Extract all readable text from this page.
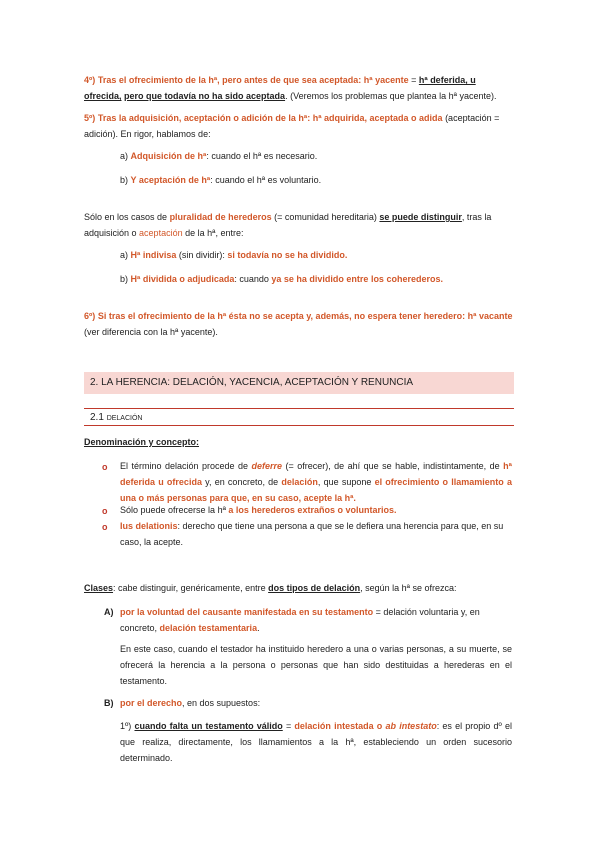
4º) Tras el ofrecimiento de la hª, pero antes de que sea aceptada: hª yacente = hª deferida, u ofrecida, pero que todavía no ha sido aceptada. (Veremos los problemas que plantea la hª yacente).
5º) Tras la adquisición, aceptación o adición de la hª: hª adquirida, aceptada o adida (aceptación = adición). En rigor, hablamos de:
a) Adquisición de hª: cuando el hª es necesario.
b) Y aceptación de hª: cuando el hª es voluntario.
Sólo en los casos de pluralidad de herederos (= comunidad hereditaria) se puede distinguir, tras la adquisición o aceptación de la hª, entre:
a) Hª indivisa (sin dividir): si todavía no se ha dividido.
b) Hª dividida o adjudicada: cuando ya se ha dividido entre los coherederos.
6º) Si tras el ofrecimiento de la hª ésta no se acepta y, además, no espera tener heredero: hª vacante
(ver diferencia con la hª yacente).
2. LA HERENCIA: DELACIÓN, YACENCIA, ACEPTACIÓN Y RENUNCIA
2.1 DELACIÓN
Denominación y concepto:
o El término delación procede de deferre (= ofrecer), de ahí que se hable, indistintamente, de hª deferida u ofrecida y, en concreto, de delación, que supone el ofrecimiento o llamamiento a una o más personas para que, en su caso, acepte la hª.
o Sólo puede ofrecerse la hª a los herederos extraños o voluntarios.
o Ius delationis: derecho que tiene una persona a que se le defiera una herencia para que, en su caso, la acepte.
Clases: cabe distinguir, genéricamente, entre dos tipos de delación, según la hª se ofrezca:
A) por la voluntad del causante manifestada en su testamento = delación voluntaria y, en concreto, delación testamentaria.
En este caso, cuando el testador ha instituido heredero a una o varias personas, a su muerte, se ofrecerá la herencia a la persona o personas que han sido destituidas a herederas en el testamento.
B) por el derecho, en dos supuestos:
1º) cuando falta un testamento válido = delación intestada o ab intestato: es el propio dº el que realiza, directamente, los llamamientos a la hª, estableciendo un orden sucesorio determinado.
